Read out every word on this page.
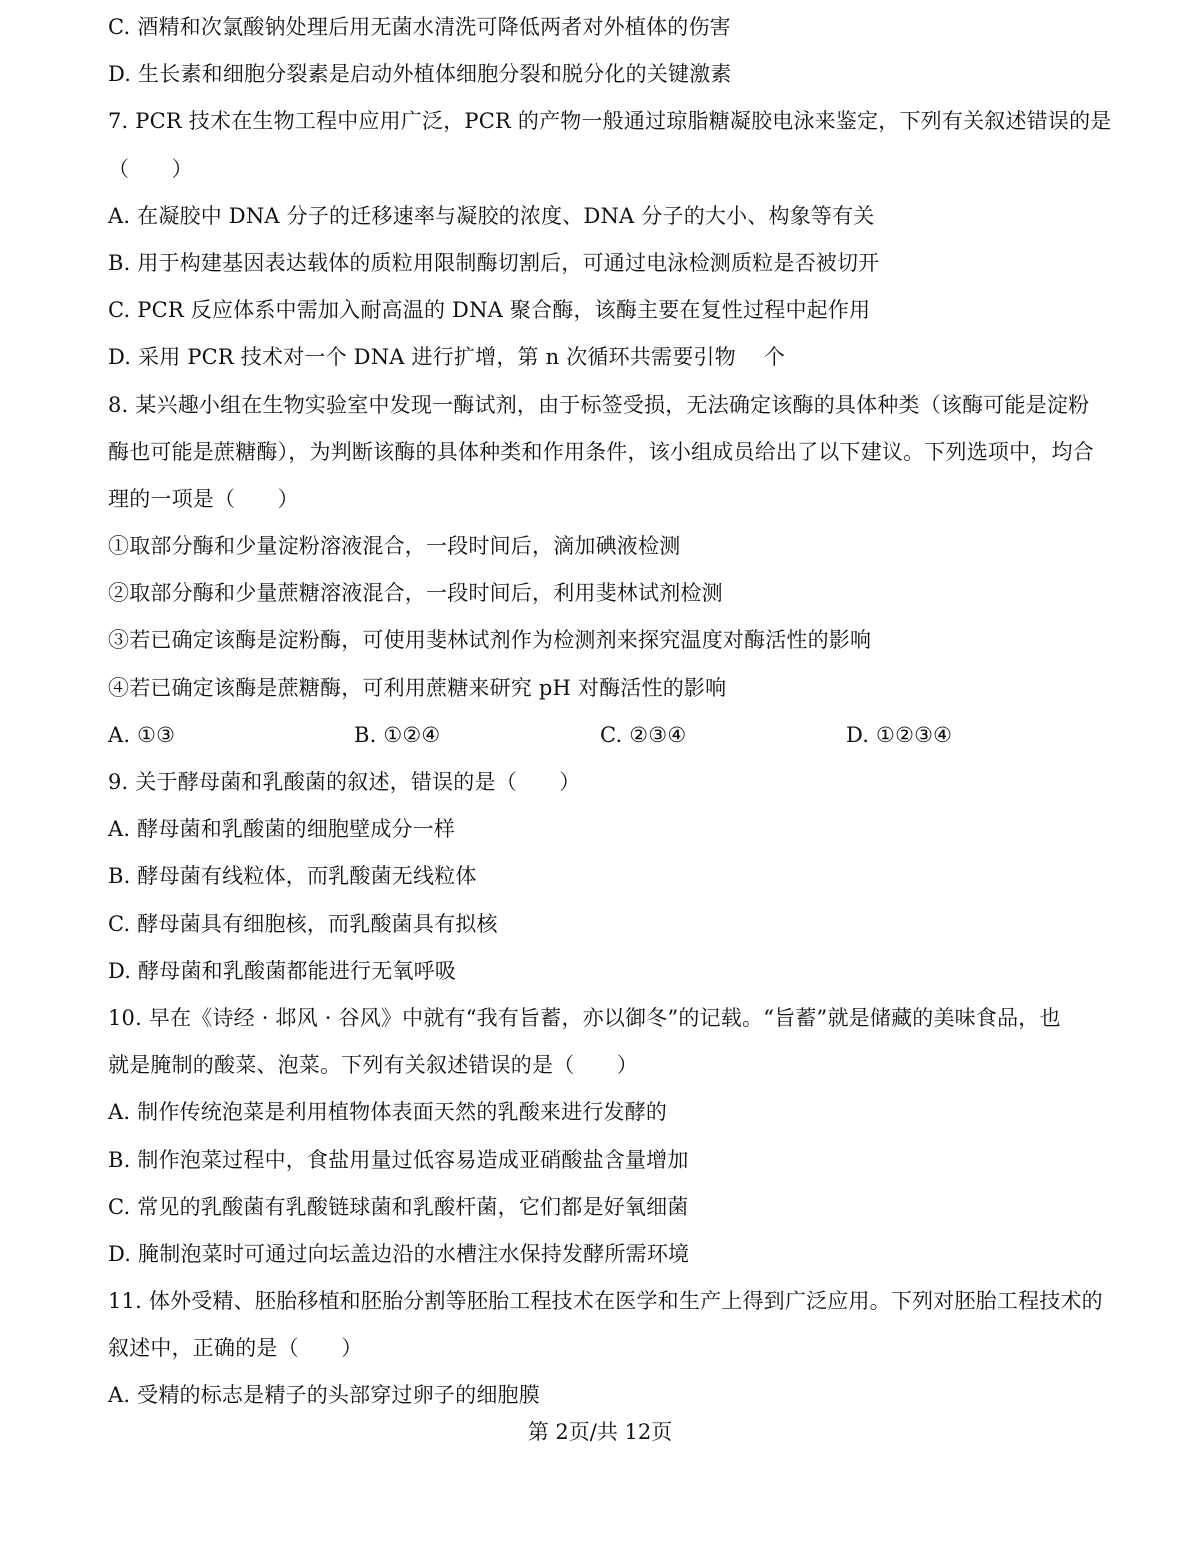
C. 酒精和次氯酸钠处理后用无菌水清洗可降低两者对外植体的伤害
D. 生长素和细胞分裂素是启动外植体细胞分裂和脱分化的关键激素
7. PCR 技术在生物工程中应用广泛，PCR 的产物一般通过琼脂糖凝胶电泳来鉴定，下列有关叙述错误的是
（　　）
A. 在凝胶中 DNA 分子的迁移速率与凝胶的浓度、DNA 分子的大小、构象等有关
B. 用于构建基因表达载体的质粒用限制酶切割后，可通过电泳检测质粒是否被切开
C. PCR 反应体系中需加入耐高温的 DNA 聚合酶，该酶主要在复性过程中起作用
D. 采用 PCR 技术对一个 DNA 进行扩增，第 n 次循环共需要引物　 个
8. 某兴趣小组在生物实验室中发现一酶试剂，由于标签受损，无法确定该酶的具体种类（该酶可能是淀粉
酶也可能是蔗糖酶），为判断该酶的具体种类和作用条件，该小组成员给出了以下建议。下列选项中，均合
理的一项是（　　）
①取部分酶和少量淀粉溶液混合，一段时间后，滴加碘液检测
②取部分酶和少量蔗糖溶液混合，一段时间后，利用斐林试剂检测
③若已确定该酶是淀粉酶，可使用斐林试剂作为检测剂来探究温度对酶活性的影响
④若已确定该酶是蔗糖酶，可利用蔗糖来研究 pH 对酶活性的影响
A. ①③	B. ①②④	C. ②③④	D. ①②③④
9. 关于酵母菌和乳酸菌的叙述，错误的是（　　）
A. 酵母菌和乳酸菌的细胞壁成分一样
B. 酵母菌有线粒体，而乳酸菌无线粒体
C. 酵母菌具有细胞核，而乳酸菌具有拟核
D. 酵母菌和乳酸菌都能进行无氧呼吸
10. 早在《诗经 · 邶风 · 谷风》中就有“我有旨蓄，亦以御冬”的记载。“旨蓄”就是储藏的美味食品，也
就是腌制的酸菜、泡菜。下列有关叙述错误的是（　　）
A. 制作传统泡菜是利用植物体表面天然的乳酸来进行发酵的
B. 制作泡菜过程中，食盐用量过低容易造成亚硝酸盐含量增加
C. 常见的乳酸菌有乳酸链球菌和乳酸杆菌，它们都是好氧细菌
D. 腌制泡菜时可通过向坛盖边沿的水槽注水保持发酵所需环境
11. 体外受精、胚胎移植和胚胎分割等胚胎工程技术在医学和生产上得到广泛应用。下列对胚胎工程技术的
叙述中，正确的是（　　）
A. 受精的标志是精子的头部穿过卵子的细胞膜
第 2页/共 12页
